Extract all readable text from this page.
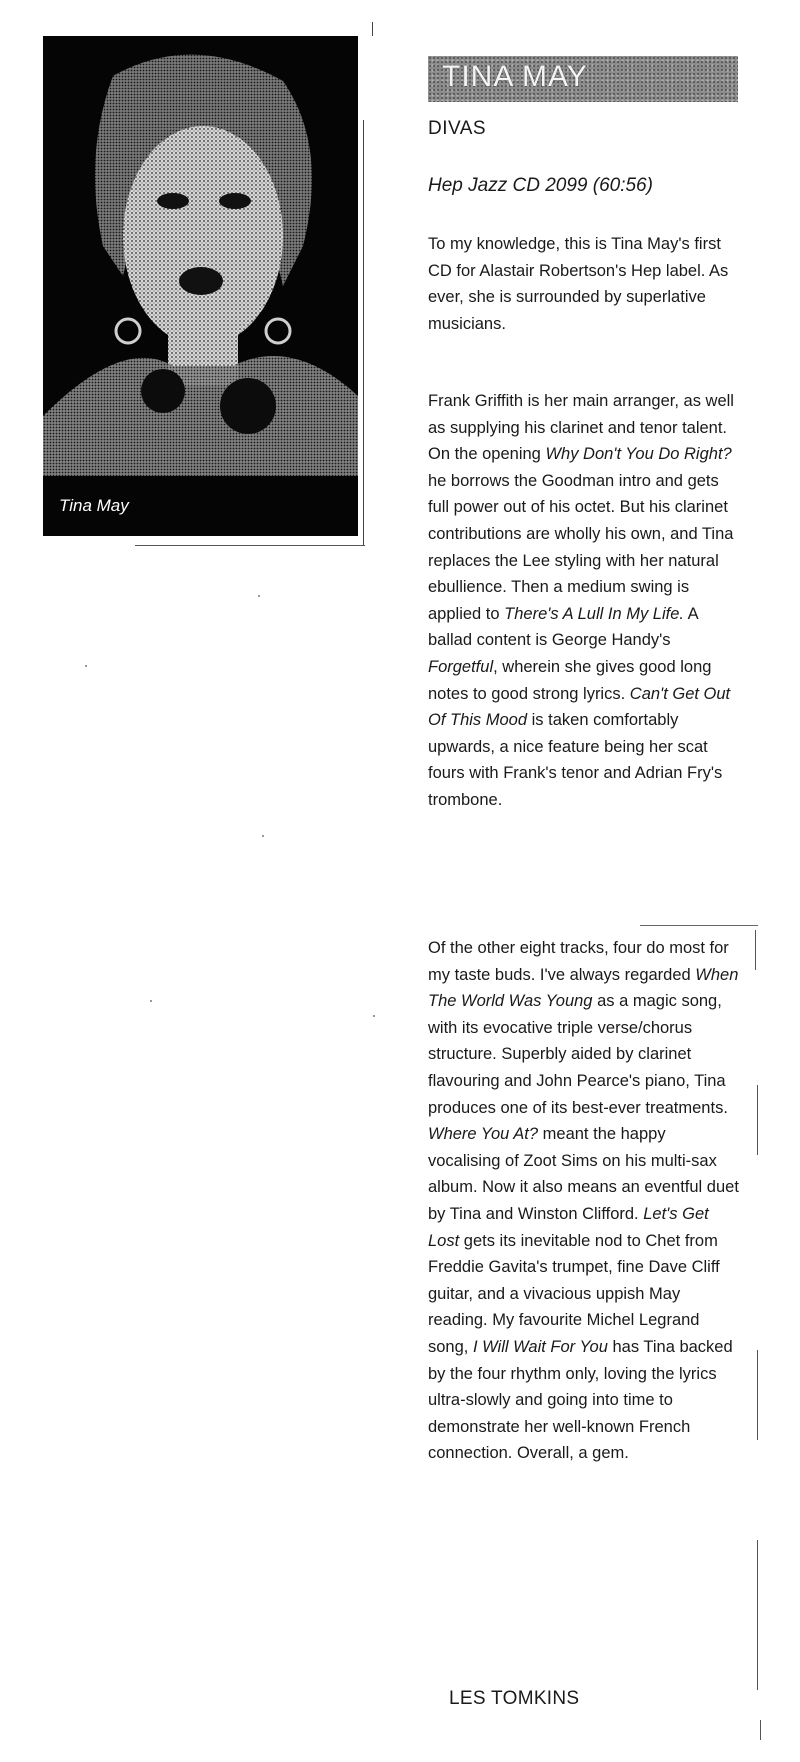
Tina May
TINA MAY
DIVAS
Hep Jazz CD 2099 (60:56)

To my knowledge, this is Tina May's first CD for Alastair Robertson's Hep label. As ever, she is surrounded by superlative musicians.

Frank Griffith is her main arranger, as well as supplying his clarinet and tenor talent. On the opening Why Don't You Do Right? he borrows the Goodman intro and gets full power out of his octet. But his clarinet contributions are wholly his own, and Tina replaces the Lee styling with her natural ebullience. Then a medium swing is applied to There's A Lull In My Life. A ballad content is George Handy's Forgetful, wherein she gives good long notes to good strong lyrics. Can't Get Out Of This Mood is taken comfortably upwards, a nice feature being her scat fours with Frank's tenor and Adrian Fry's trombone.

Of the other eight tracks, four do most for my taste buds. I've always regarded When The World Was Young as a magic song, with its evocative triple verse/chorus structure. Superbly aided by clarinet flavouring and John Pearce's piano, Tina produces one of its best-ever treatments. Where You At? meant the happy vocalising of Zoot Sims on his multi-sax album. Now it also means an eventful duet by Tina and Winston Clifford. Let's Get Lost gets its inevitable nod to Chet from Freddie Gavita's trumpet, fine Dave Cliff guitar, and a vivacious uppish May reading. My favourite Michel Legrand song, I Will Wait For You has Tina backed by the four rhythm only, loving the lyrics ultra-slowly and going into time to demonstrate her well-known French connection. Overall, a gem.

LES TOMKINS
